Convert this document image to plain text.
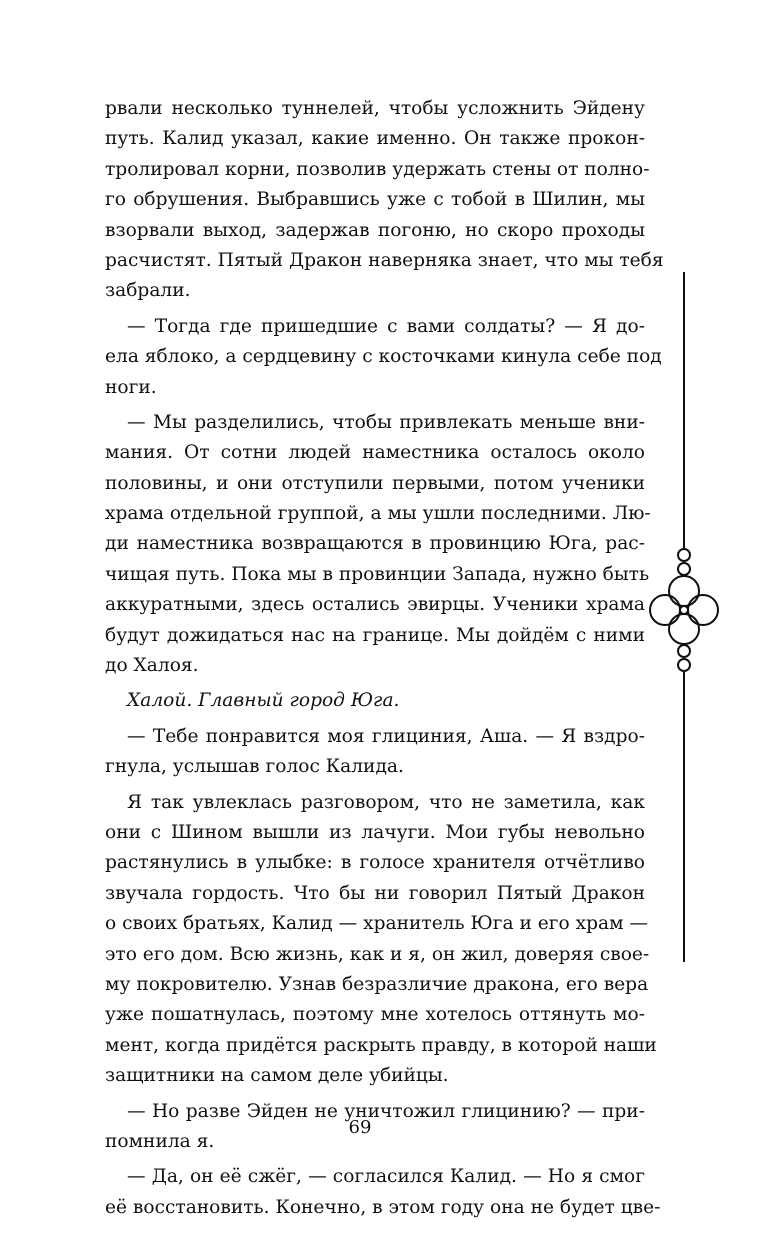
рвали несколько туннелей, чтобы усложнить Эйдену
путь. Калид указал, какие именно. Он также прокон-
тролировал корни, позволив удержать стены от полно-
го обрушения. Выбравшись уже с тобой в Шилин, мы
взорвали выход, задержав погоню, но скоро проходы
расчистят. Пятый Дракон наверняка знает, что мы тебя
забрали.
— Тогда где пришедшие с вами солдаты? — Я до-
ела яблоко, а сердцевину с косточками кинула себе под
ноги.
— Мы разделились, чтобы привлекать меньше вни-
мания. От сотни людей наместника осталось около
половины, и они отступили первыми, потом ученики
храма отдельной группой, а мы ушли последними. Лю-
ди наместника возвращаются в провинцию Юга, рас-
чищая путь. Пока мы в провинции Запада, нужно быть
аккуратными, здесь остались эвирцы. Ученики храма
будут дожидаться нас на границе. Мы дойдём с ними
до Халоя.
Халой. Главный город Юга.
— Тебе понравится моя глициния, Аша. — Я вздро-
гнула, услышав голос Калида.
Я так увлеклась разговором, что не заметила, как
они с Шином вышли из лачуги. Мои губы невольно
растянулись в улыбке: в голосе хранителя отчётливо
звучала гордость. Что бы ни говорил Пятый Дракон
о своих братьях, Калид — хранитель Юга и его храм —
это его дом. Всю жизнь, как и я, он жил, доверяя свое-
му покровителю. Узнав безразличие дракона, его вера
уже пошатнулась, поэтому мне хотелось оттянуть мо-
мент, когда придётся раскрыть правду, в которой наши
защитники на самом деле убийцы.
— Но разве Эйден не уничтожил глицинию? — при-
помнила я.
— Да, он её сжёг, — согласился Калид. — Но я смог
её восстановить. Конечно, в этом году она не будет цве-
69
